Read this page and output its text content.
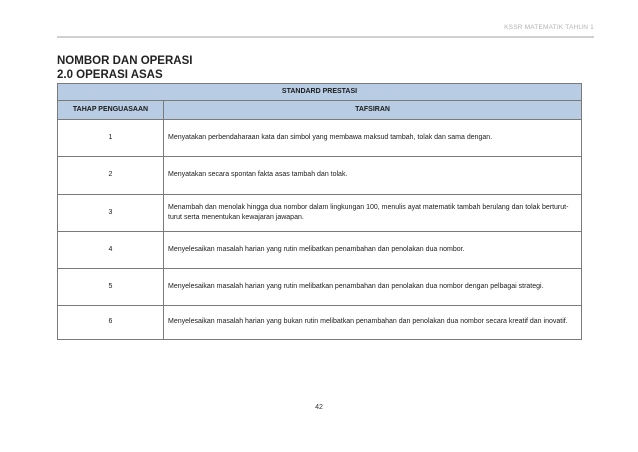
KSSR MATEMATIK TAHUN 1
NOMBOR DAN OPERASI
2.0 OPERASI ASAS
STANDARD PRESTASI	
TAHAP PENGUASAAN	TAFSIRAN
1	Menyatakan perbendaharaan kata dan simbol yang membawa maksud tambah, tolak dan sama dengan.
2	Menyatakan secara spontan fakta asas tambah dan tolak.
3	Menambah dan menolak hingga dua nombor dalam lingkungan 100, menulis ayat matematik tambah berulang dan tolak berturut-turut serta menentukan kewajaran jawapan.
4	Menyelesaikan masalah harian yang rutin melibatkan penambahan dan penolakan dua nombor.
5	Menyelesaikan masalah harian yang rutin melibatkan penambahan dan penolakan dua nombor dengan pelbagai strategi.
6	Menyelesaikan masalah harian yang bukan rutin melibatkan penambahan dan penolakan dua nombor secara kreatif dan inovatif.
42
